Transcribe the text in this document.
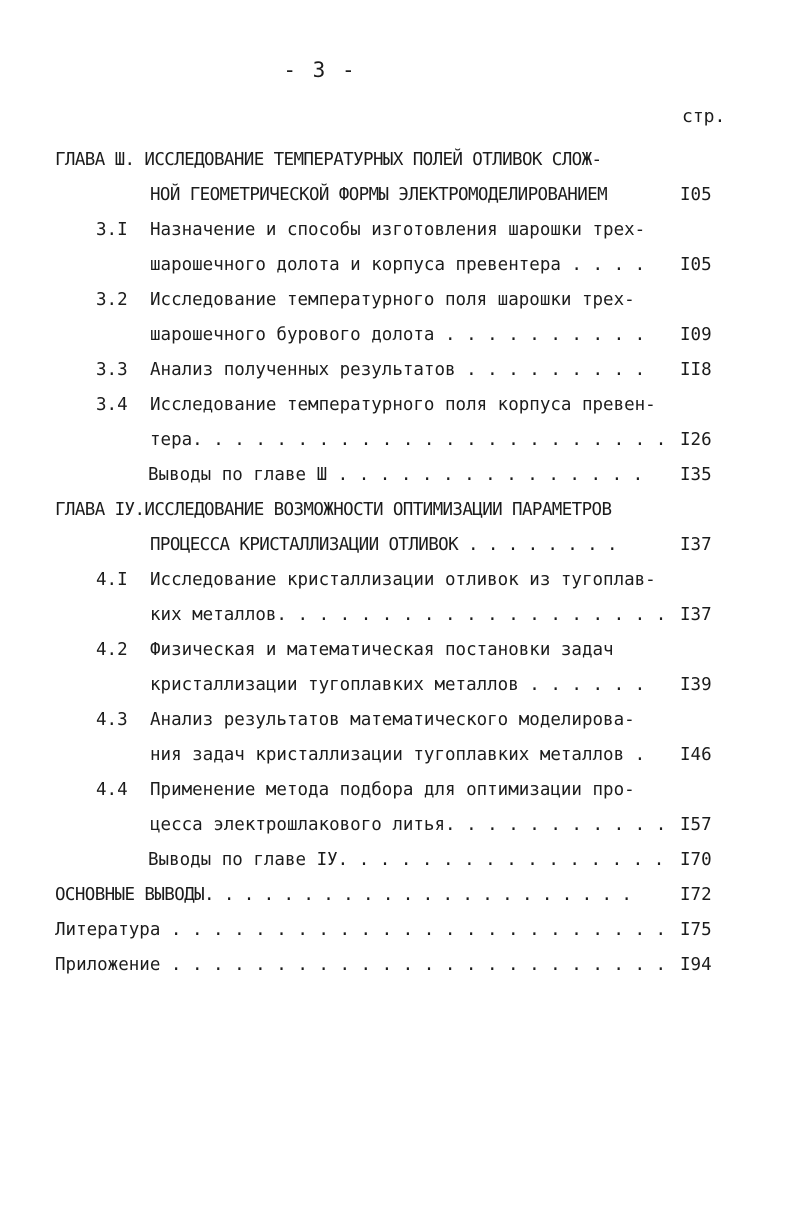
- 3 -
стр.
ГЛАВА Ш. ИССЛЕДОВАНИЕ ТЕМПЕРАТУРНЫХ ПОЛЕЙ ОТЛИВОК СЛОЖ-
НОЙ ГЕОМЕТРИЧЕСКОЙ ФОРМЫ ЭЛЕКТРОМОДЕЛИРОВАНИЕМ	I05
3.I	Назначение и способы изготовления шарошки трех-
шарошечного долота и корпуса превентера . . . . I05
3.2	Исследование температурного поля шарошки трех-
шарошечного бурового долота . . . . . . . . . . I09
3.3	Анализ полученных результатов . . . . . . . . . II8
3.4	Исследование температурного поля корпуса превен-
тера. . . . . . . . . . . . . . . . . . . . . . . I26
Выводы по главе Ш . . . . . . . . . . . . . . . I35
ГЛАВА IУ.ИССЛЕДОВАНИЕ ВОЗМОЖНОСТИ ОПТИМИЗАЦИИ ПАРАМЕТРОВ
ПРОЦЕССА КРИСТАЛЛИЗАЦИИ ОТЛИВОК . . . . . . . .	I37
4.I	Исследование кристаллизации отливок из тугоплав-
ких металлов. . . . . . . . . . . . . . . . . . . I37
4.2	Физическая и математическая постановки задач
кристаллизации тугоплавких металлов . . . . . . I39
4.3	Анализ результатов математического моделирова-
ния задач кристаллизации тугоплавких металлов . I46
4.4	Применение метода подбора для оптимизации про-
цесса электрошлакового литья. . . . . . . . . . . I57
Выводы по главе IУ. . . . . . . . . . . . . . . . I70
ОСНОВНЫЕ ВЫВОДЫ. . . . . . . . . . . . . . . . . . . . . .	I72
Литература . . . . . . . . . . . . . . . . . . . . . . . . I75
Приложение . . . . . . . . . . . . . . . . . . . . . . . . I94
